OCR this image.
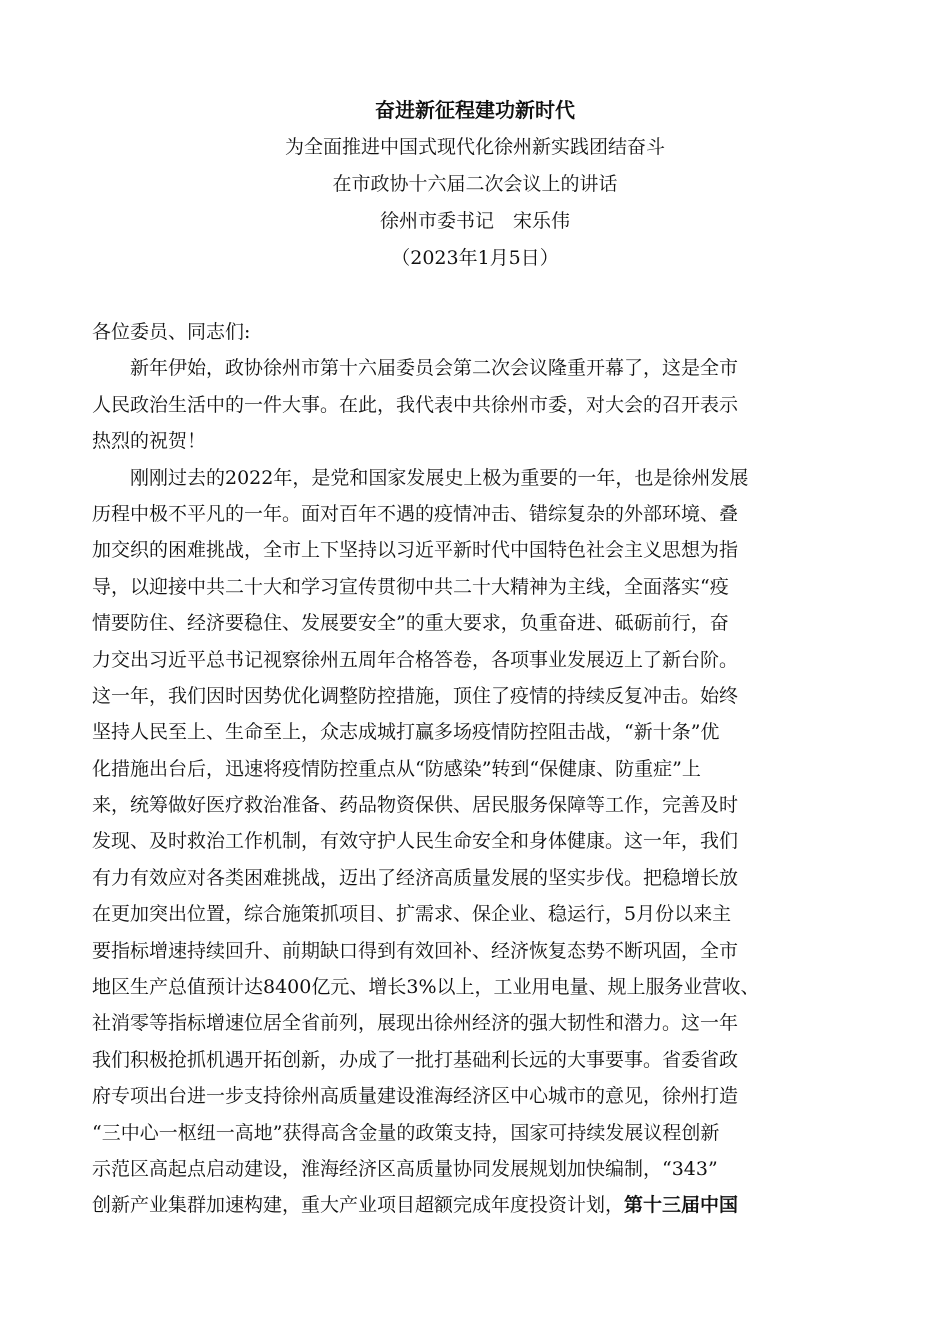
奋进新征程建功新时代
为全面推进中国式现代化徐州新实践团结奋斗
在市政协十六届二次会议上的讲话
徐州市委书记　宋乐伟
（2023年1月5日）
各位委员、同志们:
新年伊始，政协徐州市第十六届委员会第二次会议隆重开幕了，这是全市
人民政治生活中的一件大事。在此，我代表中共徐州市委，对大会的召开表示
热烈的祝贺！
刚刚过去的2022年，是党和国家发展史上极为重要的一年，也是徐州发展
历程中极不平凡的一年。面对百年不遇的疫情冲击、错综复杂的外部环境、叠
加交织的困难挑战，全市上下坚持以习近平新时代中国特色社会主义思想为指
导，以迎接中共二十大和学习宣传贯彻中共二十大精神为主线，全面落实“疫
情要防住、经济要稳住、发展要安全”的重大要求，负重奋进、砥砺前行，奋
力交出习近平总书记视察徐州五周年合格答卷，各项事业发展迈上了新台阶。
这一年，我们因时因势优化调整防控措施，顶住了疫情的持续反复冲击。始终
坚持人民至上、生命至上，众志成城打赢多场疫情防控阻击战，“新十条”优
化措施出台后，迅速将疫情防控重点从“防感染”转到“保健康、防重症”上
来，统筹做好医疗救治准备、药品物资保供、居民服务保障等工作，完善及时
发现、及时救治工作机制，有效守护人民生命安全和身体健康。这一年，我们
有力有效应对各类困难挑战，迈出了经济高质量发展的坚实步伐。把稳增长放
在更加突出位置，综合施策抓项目、扩需求、保企业、稳运行，5月份以来主
要指标增速持续回升、前期缺口得到有效回补、经济恢复态势不断巩固，全市
地区生产总值预计达8400亿元、增长3%以上，工业用电量、规上服务业营收、
社消零等指标增速位居全省前列，展现出徐州经济的强大韧性和潜力。这一年
我们积极抢抓机遇开拓创新，办成了一批打基础利长远的大事要事。省委省政
府专项出台进一步支持徐州高质量建设淮海经济区中心城市的意见，徐州打造
“三中心一枢纽一高地”获得高含金量的政策支持，国家可持续发展议程创新
示范区高起点启动建设，淮海经济区高质量协同发展规划加快编制，“343”
创新产业集群加速构建，重大产业项目超额完成年度投资计划，第十三届中国
